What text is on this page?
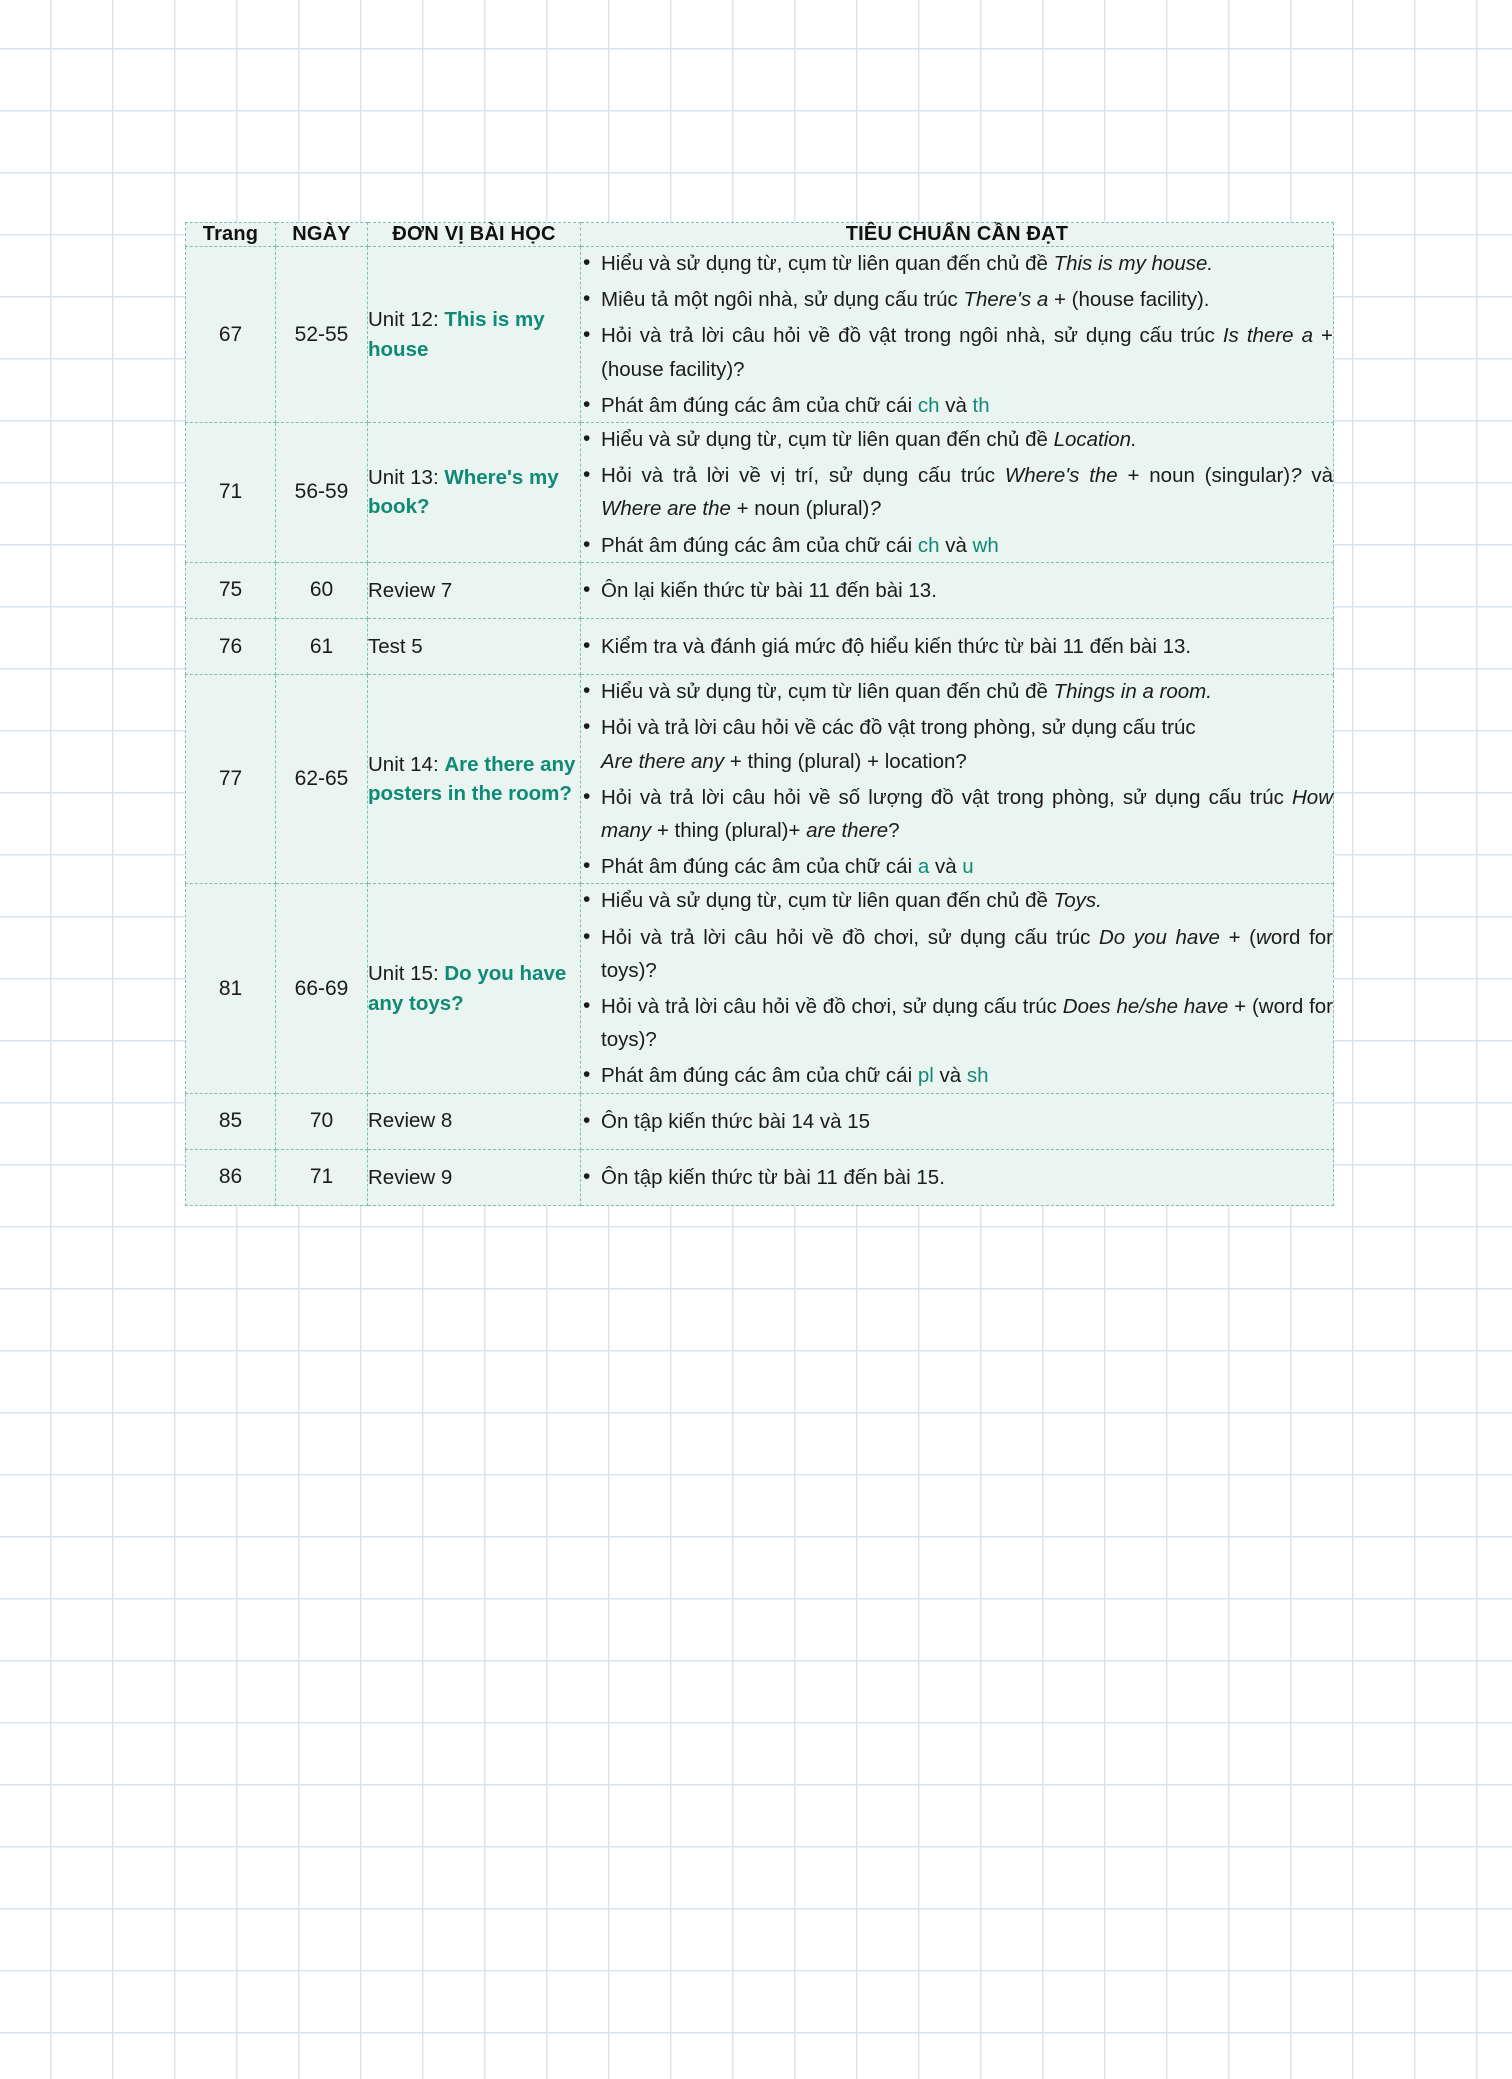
Trang	NGÀY	ĐƠN VỊ BÀI HỌC	TIÊU CHUẨN CẦN ĐẠT
67	52-55	Unit 12: This is my house	
• Hiểu và sử dụng từ, cụm từ liên quan đến chủ đề This is my house.
• Miêu tả một ngôi nhà, sử dụng cấu trúc There's a + (house facility).
• Hỏi và trả lời câu hỏi về đồ vật trong ngôi nhà, sử dụng cấu trúc Is there a + (house facility)?
• Phát âm đúng các âm của chữ cái ch và th

71	56-59	Unit 13: Where's my book?	
• Hiểu và sử dụng từ, cụm từ liên quan đến chủ đề Location.
• Hỏi và trả lời về vị trí, sử dụng cấu trúc Where's the + noun (singular)? và Where are the + noun (plural)?
• Phát âm đúng các âm của chữ cái ch và wh

75	60	Review 7	
•Ôn lại kiến thức từ bài 11 đến bài 13.

76	61	Test 5	
•Kiểm tra và đánh giá mức độ hiểu kiến thức từ bài 11 đến bài 13.

77	62-65	Unit 14: Are there any posters in the room?	
• Hiểu và sử dụng từ, cụm từ liên quan đến chủ đề Things in a room.
• Hỏi và trả lời câu hỏi về các đồ vật trong phòng, sử dụng cấu trúc
Are there any + thing (plural) + location?
• Hỏi và trả lời câu hỏi về số lượng đồ vật trong phòng, sử dụng cấu trúc How many + thing (plural)+ are there?
• Phát âm đúng các âm của chữ cái a và u

81	66-69	Unit 15: Do you have any toys?	
• Hiểu và sử dụng từ, cụm từ liên quan đến chủ đề Toys.
• Hỏi và trả lời câu hỏi về đồ chơi, sử dụng cấu trúc Do you have + (word for toys)?
• Hỏi và trả lời câu hỏi về đồ chơi, sử dụng cấu trúc Does he/she have + (word for toys)?
• Phát âm đúng các âm của chữ cái pl và sh

85	70	Review 8	
•Ôn tập kiến thức bài 14 và 15

86	71	Review 9	
•Ôn tập kiến thức từ bài 11 đến bài 15.
